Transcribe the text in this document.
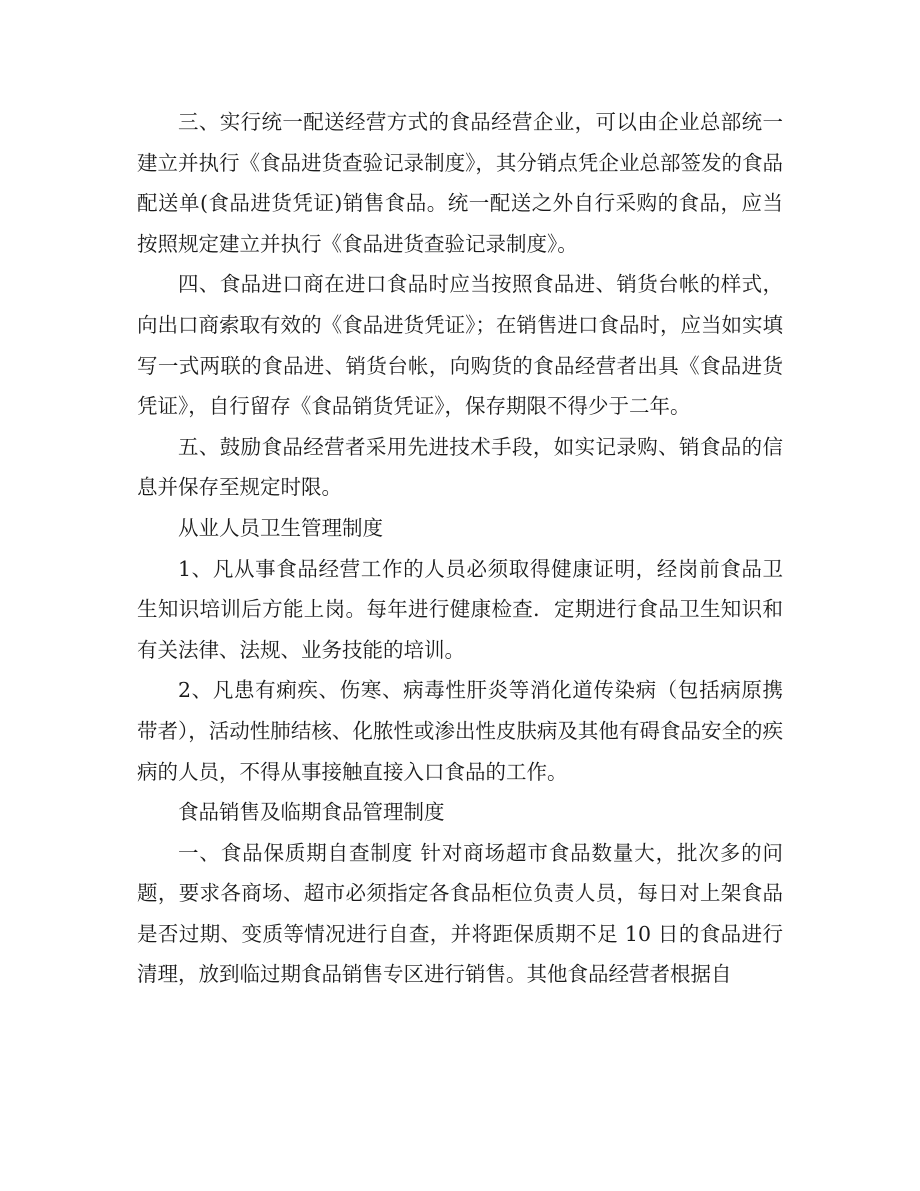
三、实行统一配送经营方式的食品经营企业，可以由企业总部统一建立并执行《食品进货查验记录制度》，其分销点凭企业总部签发的食品配送单(食品进货凭证)销售食品。统一配送之外自行采购的食品，应当按照规定建立并执行《食品进货查验记录制度》。

四、食品进口商在进口食品时应当按照食品进、销货台帐的样式，向出口商索取有效的《食品进货凭证》；在销售进口食品时，应当如实填写一式两联的食品进、销货台帐，向购货的食品经营者出具《食品进货凭证》，自行留存《食品销货凭证》，保存期限不得少于二年。

五、鼓励食品经营者采用先进技术手段，如实记录购、销食品的信息并保存至规定时限。

从业人员卫生管理制度

1、凡从事食品经营工作的人员必须取得健康证明，经岗前食品卫生知识培训后方能上岗。每年进行健康检查．定期进行食品卫生知识和有关法律、法规、业务技能的培训。

2、凡患有痢疾、伤寒、病毒性肝炎等消化道传染病（包括病原携带者），活动性肺结核、化脓性或渗出性皮肤病及其他有碍食品安全的疾病的人员，不得从事接触直接入口食品的工作。

食品销售及临期食品管理制度

一、食品保质期自查制度 针对商场超市食品数量大，批次多的问题，要求各商场、超市必须指定各食品柜位负责人员，每日对上架食品是否过期、变质等情况进行自查，并将距保质期不足 10 日的食品进行清理，放到临过期食品销售专区进行销售。其他食品经营者根据自
